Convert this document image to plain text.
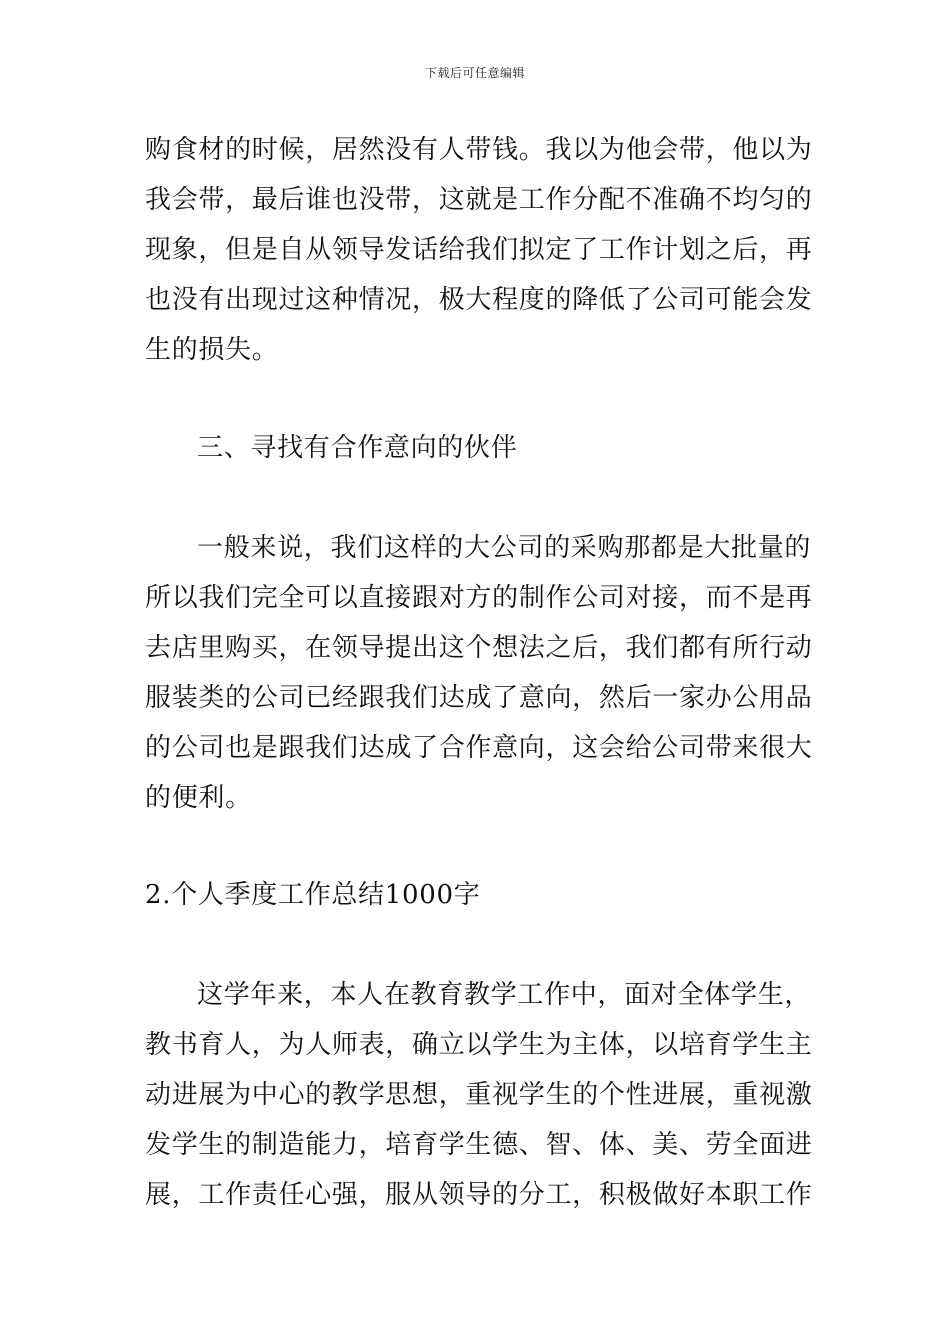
下载后可任意编辑
购食材的时候，居然没有人带钱。我以为他会带，他以为
我会带，最后谁也没带，这就是工作分配不准确不均匀的
现象，但是自从领导发话给我们拟定了工作计划之后，再
也没有出现过这种情况，极大程度的降低了公司可能会发
生的损失。
三、寻找有合作意向的伙伴
一般来说，我们这样的大公司的采购那都是大批量的
所以我们完全可以直接跟对方的制作公司对接，而不是再
去店里购买，在领导提出这个想法之后，我们都有所行动
服装类的公司已经跟我们达成了意向，然后一家办公用品
的公司也是跟我们达成了合作意向，这会给公司带来很大
的便利。
2.个人季度工作总结1000字
这学年来，本人在教育教学工作中，面对全体学生，
教书育人，为人师表，确立以学生为主体，以培育学生主
动进展为中心的教学思想，重视学生的个性进展，重视激
发学生的制造能力，培育学生德、智、体、美、劳全面进
展，工作责任心强，服从领导的分工，积极做好本职工作
